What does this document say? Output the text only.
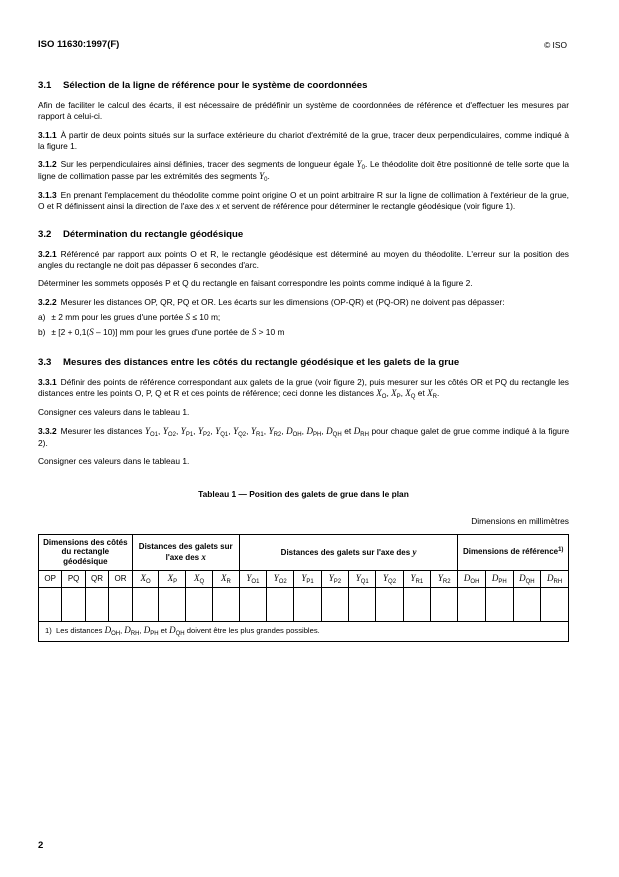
ISO 11630:1997(F)	© ISO
3.1 Sélection de la ligne de référence pour le système de coordonnées

Afin de faciliter le calcul des écarts, il est nécessaire de prédéfinir un système de coordonnées de référence et d'effectuer les mesures par rapport à celui-ci.

3.1.1 À partir de deux points situés sur la surface extérieure du chariot d'extrémité de la grue, tracer deux perpendiculaires, comme indiqué à la figure 1.

3.1.2 Sur les perpendiculaires ainsi définies, tracer des segments de longueur égale $Y_0$. Le théodolite doit être positionné de telle sorte que la ligne de collimation passe par les extrémités des segments $Y_0$.

3.1.3 En prenant l'emplacement du théodolite comme point origine O et un point arbitraire R sur la ligne de collimation à l'extérieur de la grue, O et R définissent ainsi la direction de l'axe des x et servent de référence pour déterminer le rectangle géodésique (voir figure 1).

3.2 Détermination du rectangle géodésique

3.2.1 Référencé par rapport aux points O et R, le rectangle géodésique est déterminé au moyen du théodolite. L'erreur sur la position des angles du rectangle ne doit pas dépasser 6 secondes d'arc.

Déterminer les sommets opposés P et Q du rectangle en faisant correspondre les points comme indiqué à la figure 2.

3.2.2 Mesurer les distances OP, QR, PQ et OR. Les écarts sur les dimensions (OP-QR) et (PQ-OR) ne doivent pas dépasser:

a) ± 2 mm pour les grues d'une portée S ≤ 10 m;
b) ± [2 + 0,1(S – 10)] mm pour les grues d'une portée de S > 10 m
3.3 Mesures des distances entre les côtés du rectangle géodésique et les galets de la grue

3.3.1 Définir des points de référence correspondant aux galets de la grue (voir figure 2), puis mesurer sur les côtés OR et PQ du rectangle les distances entre les points O, P, Q et R et ces points de référence; ceci donne les distances $X_O$, $X_P$, $X_Q$ et $X_R$.

Consigner ces valeurs dans le tableau 1.

3.3.2 Mesurer les distances $Y_{O1}$, $Y_{O2}$, $Y_{P1}$, $Y_{P2}$, $Y_{Q1}$, $Y_{Q2}$, $Y_{R1}$, $Y_{R2}$, $D_{OH}$, $D_{PH}$, $D_{QH}$ et $D_{RH}$ pour chaque galet de grue comme indiqué à la figure 2).

Consigner ces valeurs dans le tableau 1.

Tableau 1 — Position des galets de grue dans le plan
Dimensions en millimètres
Dimensions des côtés du rectangle géodésique				Distances des galets sur l'axe des x				Distances des galets sur l'axe des y								Dimensions de référence$^{1)}$
OP	PQ	QR	OR	$X_O$	$X_P$	$X_Q$	$X_R$	$Y_{O1}$	$Y_{O2}$	$Y_{P1}$	$Y_{P2}$	$Y_{Q1}$	$Y_{Q2}$	$Y_{R1}$	$Y_{R2}$	$D_{OH}$	$D_{PH}$	$D_{QH}$	$D_{RH}$

1) Les distances $D_{OH}$, $D_{RH}$, $D_{PH}$ et $D_{QH}$ doivent être les plus grandes possibles.																			
2
